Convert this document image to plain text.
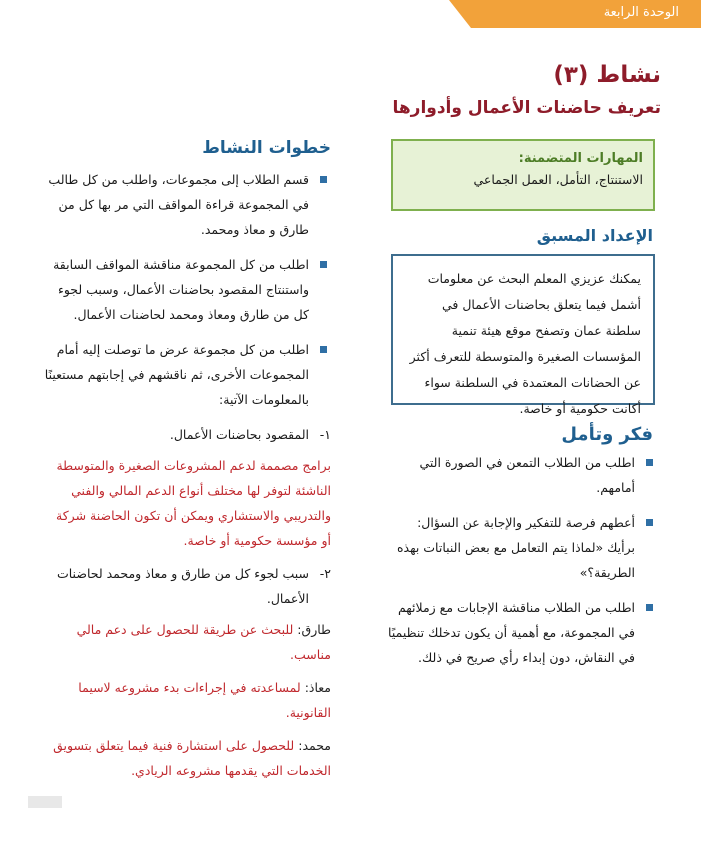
الوحدة الرابعة
نشاط (٣)
تعريف حاضنات الأعمال وأدوارها
المهارات المتضمنة:
الاستنتاج، التأمل، العمل الجماعي
الإعداد المسبق
يمكنك عزيزي المعلم البحث عن معلومات أشمل فيما يتعلق بحاضنات الأعمال في سلطنة عمان وتصفح موقع هيئة تنمية المؤسسات الصغيرة والمتوسطة للتعرف أكثر عن الحضانات المعتمدة في السلطنة سواء أكانت حكومية أو خاصة.
فكر وتأمل
اطلب من الطلاب التمعن في الصورة التي أمامهم.
أعطهم فرصة للتفكير والإجابة عن السؤال: برأيك «لماذا يتم التعامل مع بعض النباتات بهذه الطريقة؟»
اطلب من الطلاب مناقشة الإجابات مع زملائهم في المجموعة، مع أهمية أن يكون تدخلك تنظيميًا في النقاش، دون إبداء رأي صريح في ذلك.
خطوات النشاط
قسم الطلاب إلى مجموعات، واطلب من كل طالب في المجموعة قراءة المواقف التي مر بها كل من طارق و معاذ ومحمد.
اطلب من كل المجموعة مناقشة المواقف السابقة واستنتاج المقصود بحاضنات الأعمال، وسبب لجوء كل من طارق ومعاذ ومحمد لحاضنات الأعمال.
اطلب من كل مجموعة عرض ما توصلت إليه أمام المجموعات الأخرى، ثم ناقشهم في إجابتهم مستعينًا بالمعلومات الآتية:
١-
المقصود بحاضنات الأعمال.
برامج مصممة لدعم المشروعات الصغيرة والمتوسطة الناشئة لتوفر لها مختلف أنواع الدعم المالي والفني والتدريبي والاستشاري ويمكن أن تكون الحاضنة شركة أو مؤسسة حكومية أو خاصة.
٢-
سبب لجوء كل من طارق و معاذ ومحمد لحاضنات الأعمال.
طارق: للبحث عن طريقة للحصول على دعم مالي مناسب.
معاذ: لمساعدته في إجراءات بدء مشروعه لاسيما القانونية.
محمد: للحصول على استشارة فنية فيما يتعلق بتسويق الخدمات التي يقدمها مشروعه الريادي.
